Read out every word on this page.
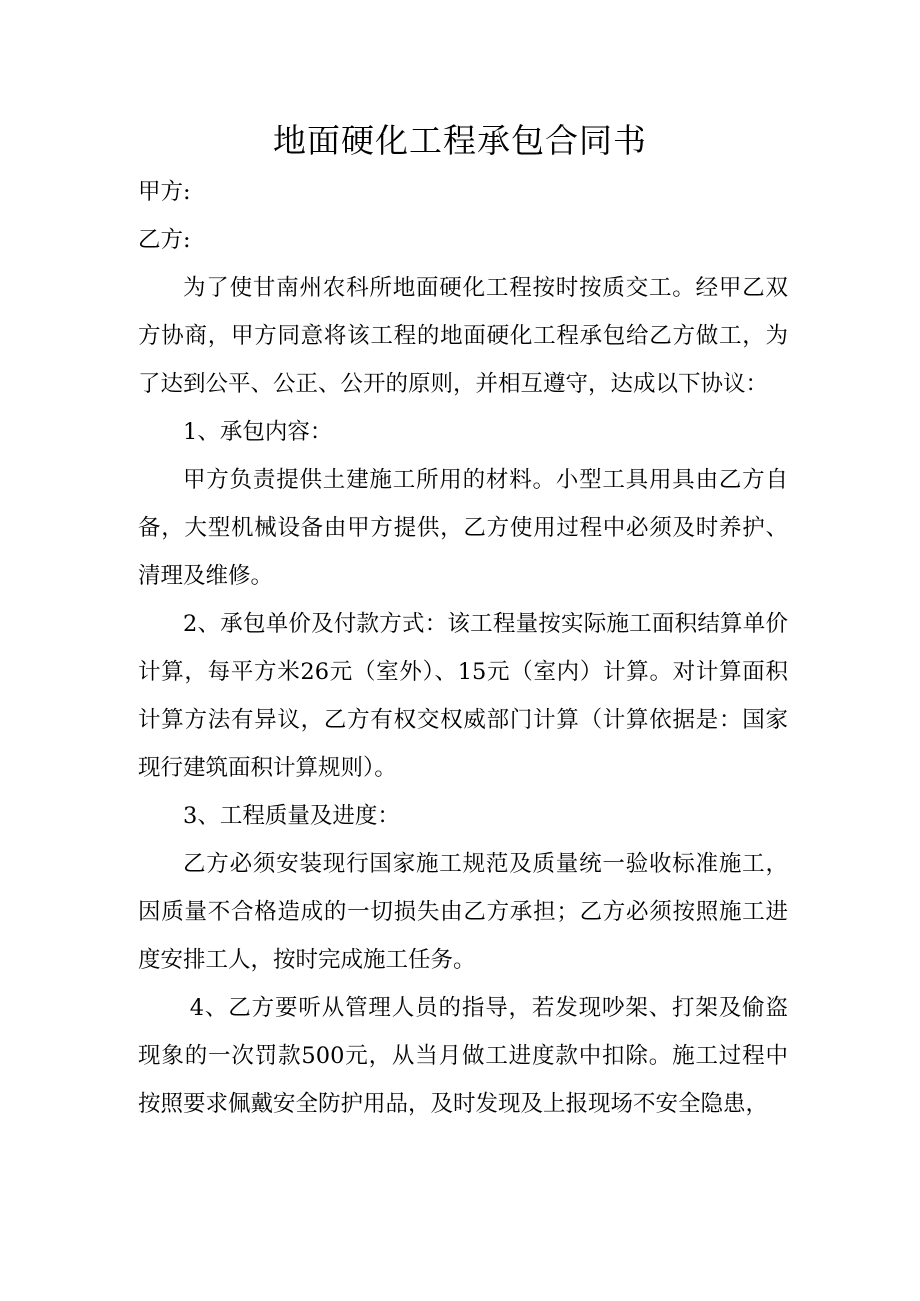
地面硬化工程承包合同书
甲方:
乙方:

为了使甘南州农科所地面硬化工程按时按质交工。经甲乙双方协商，甲方同意将该工程的地面硬化工程承包给乙方做工，为了达到公平、公正、公开的原则，并相互遵守，达成以下协议：

1、承包内容：

甲方负责提供土建施工所用的材料。小型工具用具由乙方自备，大型机械设备由甲方提供，乙方使用过程中必须及时养护、清理及维修。

2、承包单价及付款方式：该工程量按实际施工面积结算单价计算，每平方米26元（室外）、15元（室内）计算。对计算面积计算方法有异议，乙方有权交权威部门计算（计算依据是：国家现行建筑面积计算规则）。

3、工程质量及进度：

乙方必须安装现行国家施工规范及质量统一验收标准施工，因质量不合格造成的一切损失由乙方承担；乙方必须按照施工进度安排工人，按时完成施工任务。

4、乙方要听从管理人员的指导，若发现吵架、打架及偷盗现象的一次罚款500元，从当月做工进度款中扣除。施工过程中按照要求佩戴安全防护用品，及时发现及上报现场不安全隐患，
